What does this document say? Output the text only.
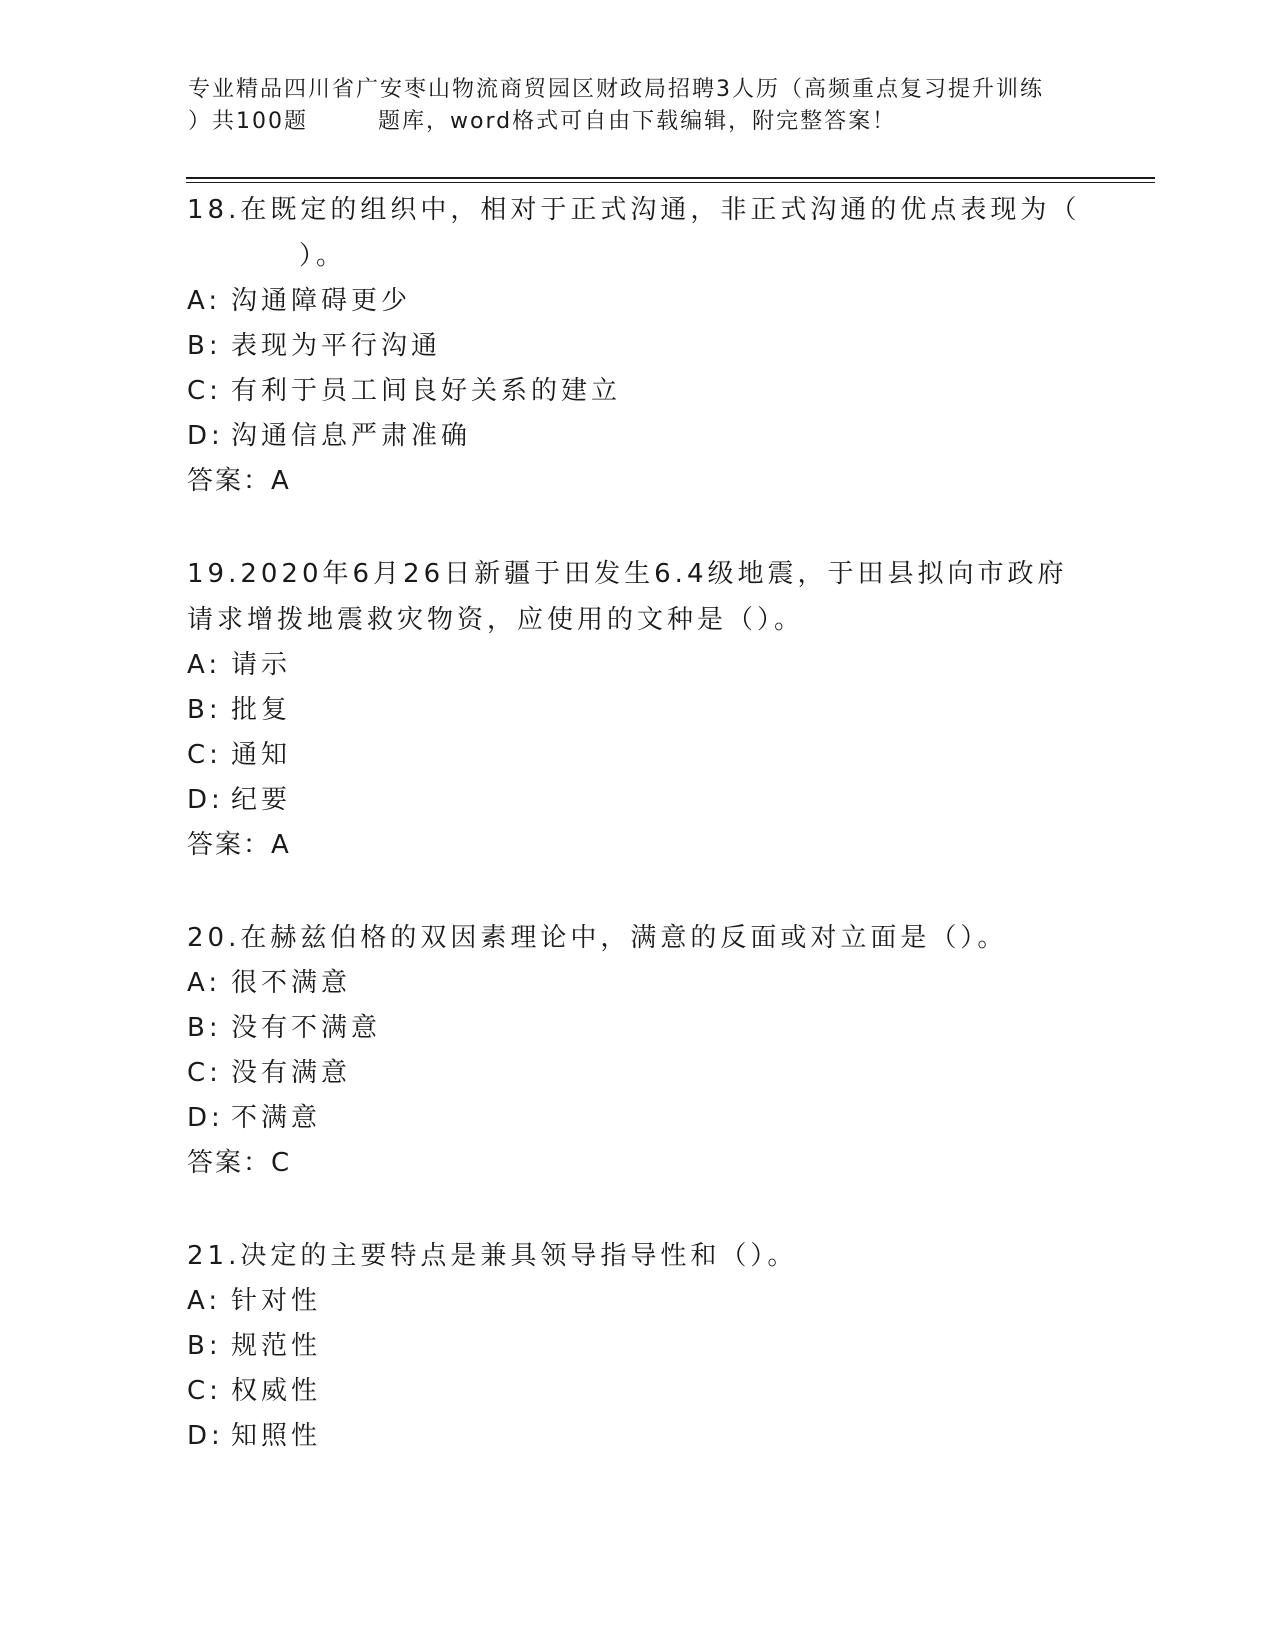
专业精品四川省广安枣山物流商贸园区财政局招聘3人历（高频重点复习提升训练
）共100题	题库，word格式可自由下载编辑，附完整答案！
18.在既定的组织中，相对于正式沟通，非正式沟通的优点表现为（
）。
A: 沟通障碍更少
B: 表现为平行沟通
C: 有利于员工间良好关系的建立
D: 沟通信息严肃准确
答案：A
19.2020年6月26日新疆于田发生6.4级地震，于田县拟向市政府请求增拨地震救灾物资，应使用的文种是（）。
A: 请示
B: 批复
C: 通知
D: 纪要
答案：A
20.在赫兹伯格的双因素理论中，满意的反面或对立面是（）。
A: 很不满意
B: 没有不满意
C: 没有满意
D: 不满意
答案：C
21.决定的主要特点是兼具领导指导性和（）。
A: 针对性
B: 规范性
C: 权威性
D: 知照性
